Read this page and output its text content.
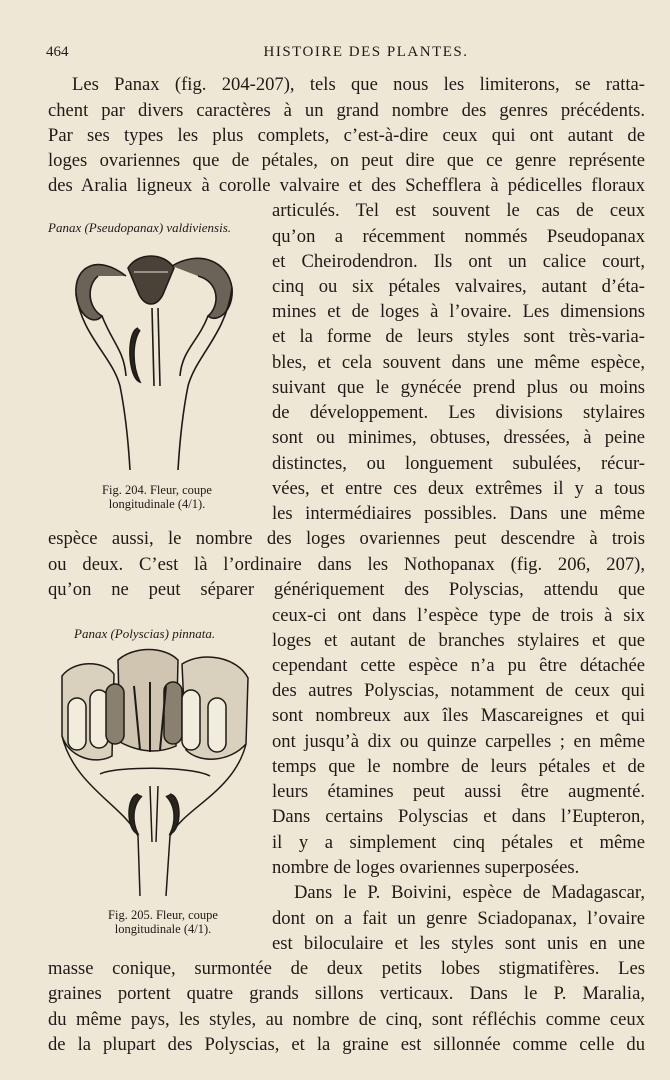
464	HISTOIRE DES PLANTES.
Panax (Pseudopanax) valdiviensis.
Fig. 204. Fleur, coupe
longitudinale (4/1).
Panax (Polyscias) pinnata.
Fig. 205. Fleur, coupe
longitudinale (4/1).
Les Panax (fig. 204-207), tels que nous les limiterons, se ratta-
chent par divers caractères à un grand nombre des genres précédents.
Par ses types les plus complets, c’est-à-dire ceux qui ont autant de
loges ovariennes que de pétales, on peut dire que ce genre représente
des Aralia ligneux à corolle valvaire et des Schefflera à pédicelles floraux
articulés. Tel est souvent le cas de ceux
qu’on a récemment nommés Pseudopanax
et Cheirodendron. Ils ont un calice court,
cinq ou six pétales valvaires, autant d’éta-
mines et de loges à l’ovaire. Les dimensions
et la forme de leurs styles sont très-varia-
bles, et cela souvent dans une même espèce,
suivant que le gynécée prend plus ou moins
de développement. Les divisions stylaires
sont ou minimes, obtuses, dressées, à peine
distinctes, ou longuement subulées, récur-
vées, et entre ces deux extrêmes il y a tous
les intermédiaires possibles. Dans une même
espèce aussi, le nombre des loges ovariennes peut descendre à trois
ou deux. C’est là l’ordinaire dans les Nothopanax (fig. 206, 207),
qu’on ne peut séparer génériquement des Polyscias, attendu que
ceux-ci ont dans l’espèce type de trois à six
loges et autant de branches stylaires et que
cependant cette espèce n’a pu être détachée
des autres Polyscias, notamment de ceux qui
sont nombreux aux îles Mascareignes et qui
ont jusqu’à dix ou quinze carpelles ; en même
temps que le nombre de leurs pétales et de
leurs étamines peut aussi être augmenté.
Dans certains Polyscias et dans l’Eupteron,
il y a simplement cinq pétales et même
nombre de loges ovariennes superposées.
Dans le P. Boivini, espèce de Madagascar,
dont on a fait un genre Sciadopanax, l’ovaire
est biloculaire et les styles sont unis en une
masse conique, surmontée de deux petits lobes stigmatifères. Les
graines portent quatre grands sillons verticaux. Dans le P. Maralia,
du même pays, les styles, au nombre de cinq, sont réfléchis comme ceux
de la plupart des Polyscias, et la graine est sillonnée comme celle du
